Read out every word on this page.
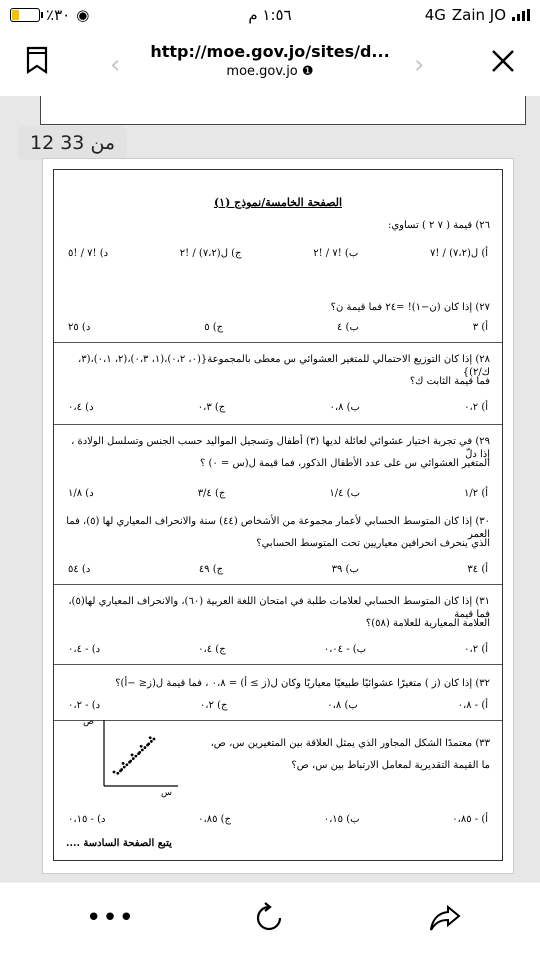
٪٣٠ ◉	١:٥٦ م	4G Zain JO
‹	http://moe.gov.jo/sites/d...
moe.gov.jo ❶	›
12 من 33
الصفحة الخامسة/نموذج (١)
٢٦) قيمة ( ٧ ٢ ) تساوي:
أ) ل(٧،٢) / !٧
ب) !٧ / !٢
ج) ل(٧،٢) / !٢
د) !٧ / !٥
٢٧) إذا كان (ن−١)! =٢٤ فما قيمة ن؟
أ) ٣
ب) ٤
ج) ٥
د) ٢٥
٢٨) إذا كان التوزيع الاحتمالي للمتغير العشوائي س معطى بالمجموعة{(٠، ٠،٢)،(١، ٠،٣)،(٢، ٠،١)،(٣، ك/٢)}
فما قيمة الثابت ك؟
أ) ٠،٢
ب) ٠،٨
ج) ٠،٣
د) ٠،٤
٢٩) في تجربة اختيار عشوائي لعائلة لديها (٣) أطفال وتسجيل المواليد حسب الجنس وتسلسل الولادة ، إذا دلّ
المتغير العشوائي س على عدد الأطفال الذكور، فما قيمة ل(س = ٠) ؟
أ) ١/٢
ب) ١/٤
ج) ٣/٤
د) ١/٨
٣٠) إذا كان المتوسط الحسابي لأعمار مجموعة من الأشخاص (٤٤) سنة والانحراف المعياري لها (٥)، فما العمر
الذي ينحرف انحرافين معياريين تحت المتوسط الحسابي؟
أ) ٣٤
ب) ٣٩
ج) ٤٩
د) ٥٤
٣١) إذا كان المتوسط الحسابي لعلامات طلبة في امتحان اللغة العربية (٦٠)، والانحراف المعياري لها(٥)، فما قيمة
العلامة المعيارية للعلامة (٥٨)؟
أ) ٠،٢
ب) - ٠،٠٤
ج) ٠،٤
د) - ٠،٤
٣٢) إذا كان (ز ) متغيرًا عشوائيًا طبيعيًا معياريًا وكان ل(ز ≥ أ) = ٠،٨ ، فما قيمة ل(ز≤ −أ)؟
أ) - ٠،٨
ب) ٠،٨
ج) ٠،٢
د) - ٠،٢
٣٣) معتمدًا الشكل المجاور الذي يمثل العلاقة بين المتغيرين س، ص،
ما القيمة التقديرية لمعامل الارتباط بين س، ص؟
ص
س
أ) - ٠،٨٥
ب) ٠،١٥
ج) ٠،٨٥
د) - ٠،١٥
يتبع الصفحة السادسة ....
•••
